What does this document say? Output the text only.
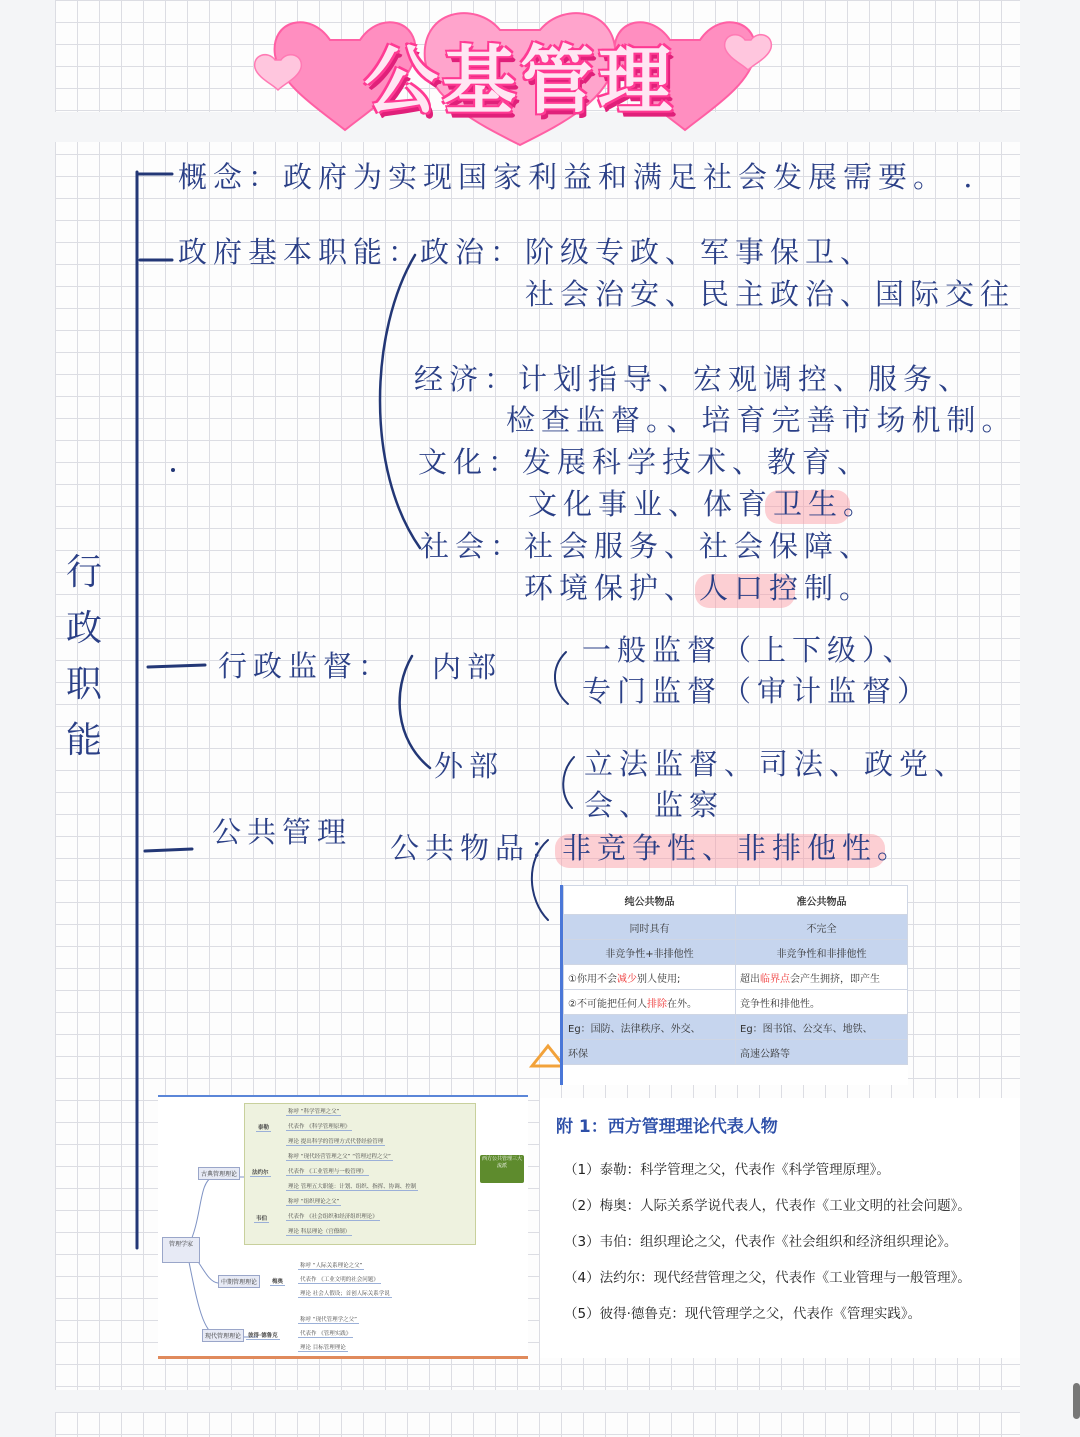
公基管理
行
政
职
能
概念：政府为实现国家利益和满足社会发展需要。 .
政府基本职能：
政治： 阶级专政、军事保卫、
社会治安、民主政治、国际交往
经济：
计划指导、宏观调控、服务、
检查监督。、培育完善市场机制。
文化：
发展科学技术、教育、
文化事业、体育卫生。
社会：
社会服务、社会保障、
环境保护、人口控制。
行政监督： 内部	一般监督（上下级）、
专门监督（审计监督）
外部	立法监督、司法、政党、
会、监察
公共管理 公共物品：
非竞争性、非排他性。
纯公共物品	准公共物品
同时具有	不完全
非竞争性+非排他性	非竞争性和非排他性
①你用不会减少别人使用;	超出临界点会产生拥挤，即产生
②不可能把任何人排除在外。	竞争性和排他性。
Eg：国防、法律秩序、外交、	Eg：图书馆、公交车、地铁、
环保	高速公路等
管理学家
古典管理理论
中期管理理论
现代管理理论
泰勒
法约尔
韦伯
称呼 “科学管理之父”
代表作 《科学管理原理》
理论 提出科学的管理方式代替经验管理
称呼 “现代经营管理之父” “管理过程之父”
代表作 《工业管理与一般管理》
理论 管理五大职能：计划、组织、指挥、协调、控制
称呼 “组织理论之父”
代表作 《社会组织和经济组织理论》
理论 科层理论（官僚制）
西方公共管理三大流派
梅奥
称呼 “人际关系理论之父”
代表作 《工业文明的社会问题》
理论 社会人假设；首创人际关系学说
彼得·德鲁克
称呼 “现代管理学之父”
代表作 《管理实践》
理论 目标管理理论
附 1：西方管理理论代表人物
（1）泰勒：科学管理之父，代表作《科学管理原理》。
（2）梅奥：人际关系学说代表人，代表作《工业文明的社会问题》。
（3）韦伯：组织理论之父，代表作《社会组织和经济组织理论》。
（4）法约尔：现代经营管理之父，代表作《工业管理与一般管理》。
（5）彼得·德鲁克：现代管理学之父，代表作《管理实践》。
